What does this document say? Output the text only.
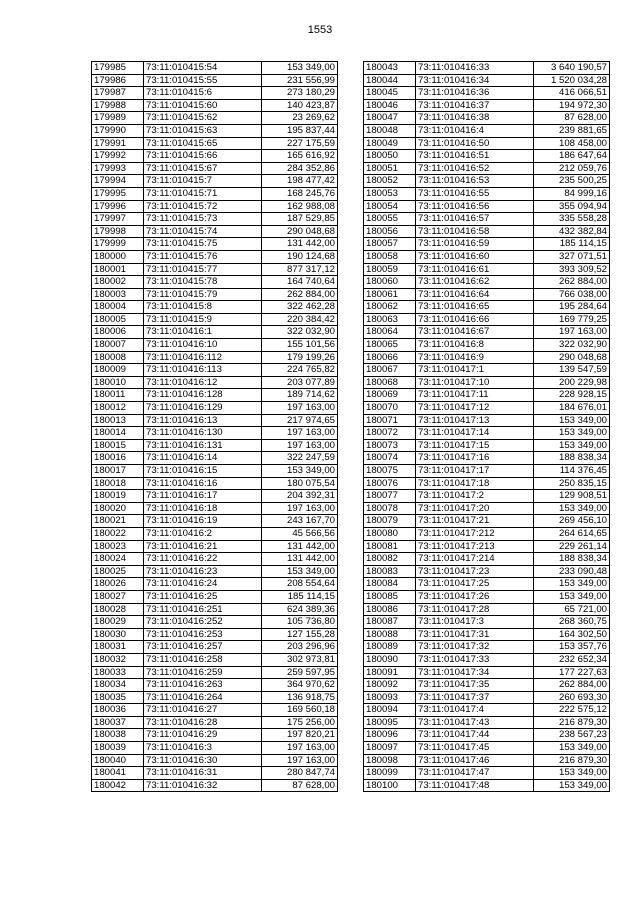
1553
179985	73:11:010415:54	153 349,00
179986	73:11:010415:55	231 556,99
179987	73:11:010415:6	273 180,29
179988	73:11:010415:60	140 423,87
179989	73:11:010415:62	23 269,62
179990	73:11:010415:63	195 837,44
179991	73:11:010415:65	227 175,59
179992	73:11:010415:66	165 616,92
179993	73:11:010415:67	284 352,86
179994	73:11:010415:7	198 477,42
179995	73:11:010415:71	168 245,76
179996	73:11:010415:72	162 988,08
179997	73:11:010415:73	187 529,85
179998	73:11:010415:74	290 048,68
179999	73:11:010415:75	131 442,00
180000	73:11:010415:76	190 124,68
180001	73:11:010415:77	877 317,12
180002	73:11:010415:78	164 740,64
180003	73:11:010415:79	262 884,00
180004	73:11:010415:8	322 462,28
180005	73:11:010415:9	220 384,42
180006	73:11:010416:1	322 032,90
180007	73:11:010416:10	155 101,56
180008	73:11:010416:112	179 199,26
180009	73:11:010416:113	224 765,82
180010	73:11:010416:12	203 077,89
180011	73:11:010416:128	189 714,62
180012	73:11:010416:129	197 163,00
180013	73:11:010416:13	217 974,65
180014	73:11:010416:130	197 163,00
180015	73:11:010416:131	197 163,00
180016	73:11:010416:14	322 247,59
180017	73:11:010416:15	153 349,00
180018	73:11:010416:16	180 075,54
180019	73:11:010416:17	204 392,31
180020	73:11:010416:18	197 163,00
180021	73:11:010416:19	243 167,70
180022	73:11:010416:2	45 566,56
180023	73:11:010416:21	131 442,00
180024	73:11:010416:22	131 442,00
180025	73:11:010416:23	153 349,00
180026	73:11:010416:24	208 554,64
180027	73:11:010416:25	185 114,15
180028	73:11:010416:251	624 389,36
180029	73:11:010416:252	105 736,80
180030	73:11:010416:253	127 155,28
180031	73:11:010416:257	203 296,96
180032	73:11:010416:258	302 973,81
180033	73:11:010416:259	259 597,95
180034	73:11:010416:263	364 970,62
180035	73:11:010416:264	136 918,75
180036	73:11:010416:27	169 560,18
180037	73:11:010416:28	175 256,00
180038	73:11:010416:29	197 820,21
180039	73:11:010416:3	197 163,00
180040	73:11:010416:30	197 163,00
180041	73:11:010416:31	280 847,74
180042	73:11:010416:32	87 628,00
180043	73:11:010416:33	3 640 190,57
180044	73:11:010416:34	1 520 034,28
180045	73:11:010416:36	416 066,51
180046	73:11:010416:37	194 972,30
180047	73:11:010416:38	87 628,00
180048	73:11:010416:4	239 881,65
180049	73:11:010416:50	108 458,00
180050	73:11:010416:51	186 647,64
180051	73:11:010416:52	212 059,76
180052	73:11:010416:53	235 500,25
180053	73:11:010416:55	84 999,16
180054	73:11:010416:56	355 094,94
180055	73:11:010416:57	335 558,28
180056	73:11:010416:58	432 382,84
180057	73:11:010416:59	185 114,15
180058	73:11:010416:60	327 071,51
180059	73:11:010416:61	393 309,52
180060	73:11:010416:62	262 884,00
180061	73:11:010416:64	766 038,00
180062	73:11:010416:65	195 284,64
180063	73:11:010416:66	169 779,25
180064	73:11:010416:67	197 163,00
180065	73:11:010416:8	322 032,90
180066	73:11:010416:9	290 048,68
180067	73:11:010417:1	139 547,59
180068	73:11:010417:10	200 229,98
180069	73:11:010417:11	228 928,15
180070	73:11:010417:12	184 676,01
180071	73:11:010417:13	153 349,00
180072	73:11:010417:14	153 349,00
180073	73:11:010417:15	153 349,00
180074	73:11:010417:16	188 838,34
180075	73:11:010417:17	114 376,45
180076	73:11:010417:18	250 835,15
180077	73:11:010417:2	129 908,51
180078	73:11:010417:20	153 349,00
180079	73:11:010417:21	269 456,10
180080	73:11:010417:212	264 614,65
180081	73:11:010417:213	229 261,14
180082	73:11:010417:214	188 838,34
180083	73:11:010417:23	233 090,48
180084	73:11:010417:25	153 349,00
180085	73:11:010417:26	153 349,00
180086	73:11:010417:28	65 721,00
180087	73:11:010417:3	268 360,75
180088	73:11:010417:31	164 302,50
180089	73:11:010417:32	153 357,76
180090	73:11:010417:33	232 652,34
180091	73:11:010417:34	177 227,63
180092	73:11:010417:35	262 884,00
180093	73:11:010417:37	260 693,30
180094	73:11:010417:4	222 575,12
180095	73:11:010417:43	216 879,30
180096	73:11:010417:44	238 567,23
180097	73:11:010417:45	153 349,00
180098	73:11:010417:46	216 879,30
180099	73:11:010417:47	153 349,00
180100	73:11:010417:48	153 349,00
